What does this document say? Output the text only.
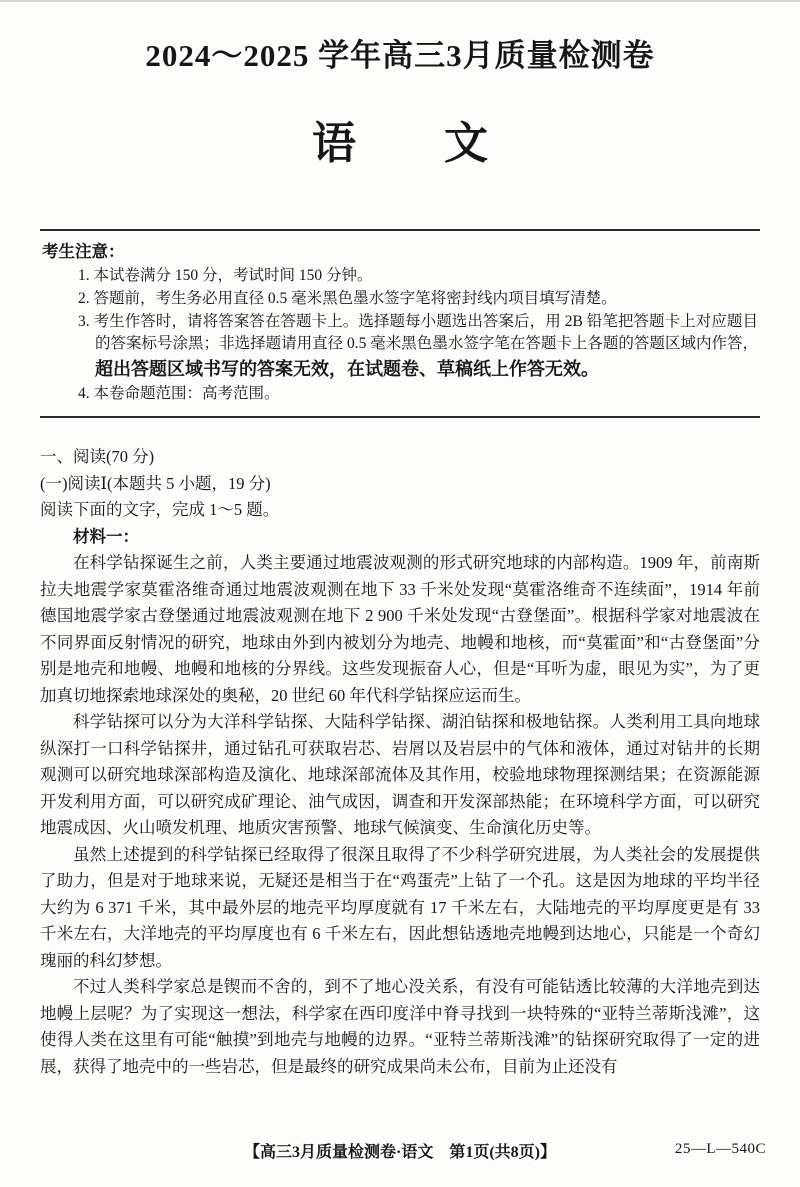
2024～2025 学年高三3月质量检测卷
语　　文
考生注意：

1. 本试卷满分 150 分，考试时间 150 分钟。

2. 答题前，考生务必用直径 0.5 毫米黑色墨水签字笔将密封线内项目填写清楚。

3. 考生作答时，请将答案答在答题卡上。选择题每小题选出答案后，用 2B 铅笔把答题卡上对应题目的答案标号涂黑；非选择题请用直径 0.5 毫米黑色墨水签字笔在答题卡上各题的答题区域内作答，超出答题区域书写的答案无效，在试题卷、草稿纸上作答无效。

4. 本卷命题范围：高考范围。

一、阅读(70 分)

(一)阅读Ⅰ(本题共 5 小题，19 分)

阅读下面的文字，完成 1～5 题。

材料一：

在科学钻探诞生之前，人类主要通过地震波观测的形式研究地球的内部构造。1909 年，前南斯拉夫地震学家莫霍洛维奇通过地震波观测在地下 33 千米处发现“莫霍洛维奇不连续面”，1914 年前德国地震学家古登堡通过地震波观测在地下 2 900 千米处发现“古登堡面”。根据科学家对地震波在不同界面反射情况的研究，地球由外到内被划分为地壳、地幔和地核，而“莫霍面”和“古登堡面”分别是地壳和地幔、地幔和地核的分界线。这些发现振奋人心，但是“耳听为虚，眼见为实”，为了更加真切地探索地球深处的奥秘，20 世纪 60 年代科学钻探应运而生。

科学钻探可以分为大洋科学钻探、大陆科学钻探、湖泊钻探和极地钻探。人类利用工具向地球纵深打一口科学钻探井，通过钻孔可获取岩芯、岩屑以及岩层中的气体和液体，通过对钻井的长期观测可以研究地球深部构造及演化、地球深部流体及其作用，校验地球物理探测结果；在资源能源开发利用方面，可以研究成矿理论、油气成因，调查和开发深部热能；在环境科学方面，可以研究地震成因、火山喷发机理、地质灾害预警、地球气候演变、生命演化历史等。

虽然上述提到的科学钻探已经取得了很深且取得了不少科学研究进展，为人类社会的发展提供了助力，但是对于地球来说，无疑还是相当于在“鸡蛋壳”上钻了一个孔。这是因为地球的平均半径大约为 6 371 千米，其中最外层的地壳平均厚度就有 17 千米左右，大陆地壳的平均厚度更是有 33 千米左右，大洋地壳的平均厚度也有 6 千米左右，因此想钻透地壳地幔到达地心，只能是一个奇幻瑰丽的科幻梦想。

不过人类科学家总是锲而不舍的，到不了地心没关系，有没有可能钻透比较薄的大洋地壳到达地幔上层呢？为了实现这一想法，科学家在西印度洋中脊寻找到一块特殊的“亚特兰蒂斯浅滩”，这使得人类在这里有可能“触摸”到地壳与地幔的边界。“亚特兰蒂斯浅滩”的钻探研究取得了一定的进展，获得了地壳中的一些岩芯，但是最终的研究成果尚未公布，目前为止还没有

【高三3月质量检测卷·语文　第1页(共8页)】	25—L—540C
